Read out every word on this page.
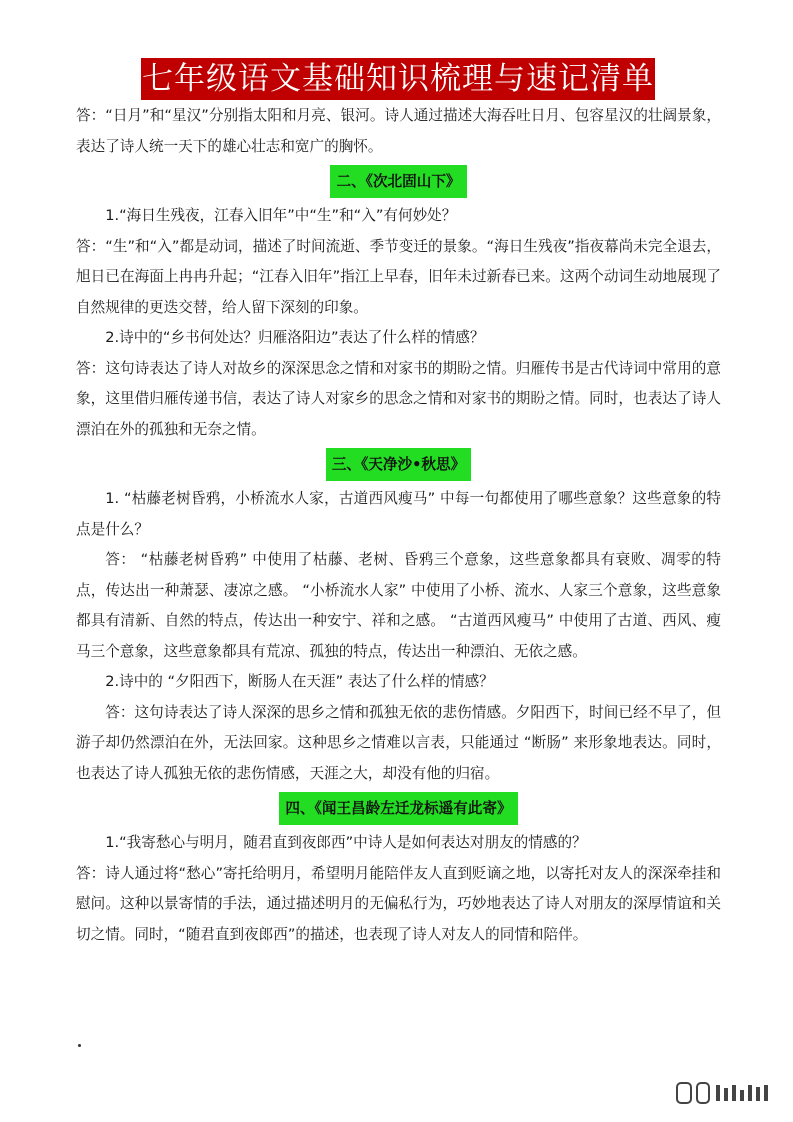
七年级语文基础知识梳理与速记清单

答：“日月”和“星汉”分别指太阳和月亮、银河。诗人通过描述大海吞吐日月、包容星汉的壮阔景象，表达了诗人统一天下的雄心壮志和宽广的胸怀。

二、《次北固山下》

1.“海日生残夜，江春入旧年”中“生”和“入”有何妙处？

答：“生”和“入”都是动词，描述了时间流逝、季节变迁的景象。“海日生残夜”指夜幕尚未完全退去，旭日已在海面上冉冉升起；“江春入旧年”指江上早春，旧年未过新春已来。这两个动词生动地展现了自然规律的更迭交替，给人留下深刻的印象。

2.诗中的“乡书何处达？归雁洛阳边”表达了什么样的情感？

答：这句诗表达了诗人对故乡的深深思念之情和对家书的期盼之情。归雁传书是古代诗词中常用的意象，这里借归雁传递书信，表达了诗人对家乡的思念之情和对家书的期盼之情。同时，也表达了诗人漂泊在外的孤独和无奈之情。

三、《天净沙•秋思》

1. “枯藤老树昏鸦，小桥流水人家，古道西风瘦马” 中每一句都使用了哪些意象？这些意象的特点是什么？

答： “枯藤老树昏鸦” 中使用了枯藤、老树、昏鸦三个意象，这些意象都具有衰败、凋零的特点，传达出一种萧瑟、凄凉之感。 “小桥流水人家” 中使用了小桥、流水、人家三个意象，这些意象都具有清新、自然的特点，传达出一种安宁、祥和之感。 “古道西风瘦马” 中使用了古道、西风、瘦马三个意象，这些意象都具有荒凉、孤独的特点，传达出一种漂泊、无依之感。

2.诗中的 “夕阳西下，断肠人在天涯” 表达了什么样的情感？

答：这句诗表达了诗人深深的思乡之情和孤独无依的悲伤情感。夕阳西下，时间已经不早了，但游子却仍然漂泊在外，无法回家。这种思乡之情难以言表，只能通过 “断肠” 来形象地表达。同时，也表达了诗人孤独无依的悲伤情感，天涯之大，却没有他的归宿。

四、《闻王昌龄左迁龙标遥有此寄》

1.“我寄愁心与明月，随君直到夜郎西”中诗人是如何表达对朋友的情感的？

答：诗人通过将“愁心”寄托给明月，希望明月能陪伴友人直到贬谪之地，以寄托对友人的深深牵挂和慰问。这种以景寄情的手法，通过描述明月的无偏私行为，巧妙地表达了诗人对朋友的深厚情谊和关切之情。同时，“随君直到夜郎西”的描述，也表现了诗人对友人的同情和陪伴。
